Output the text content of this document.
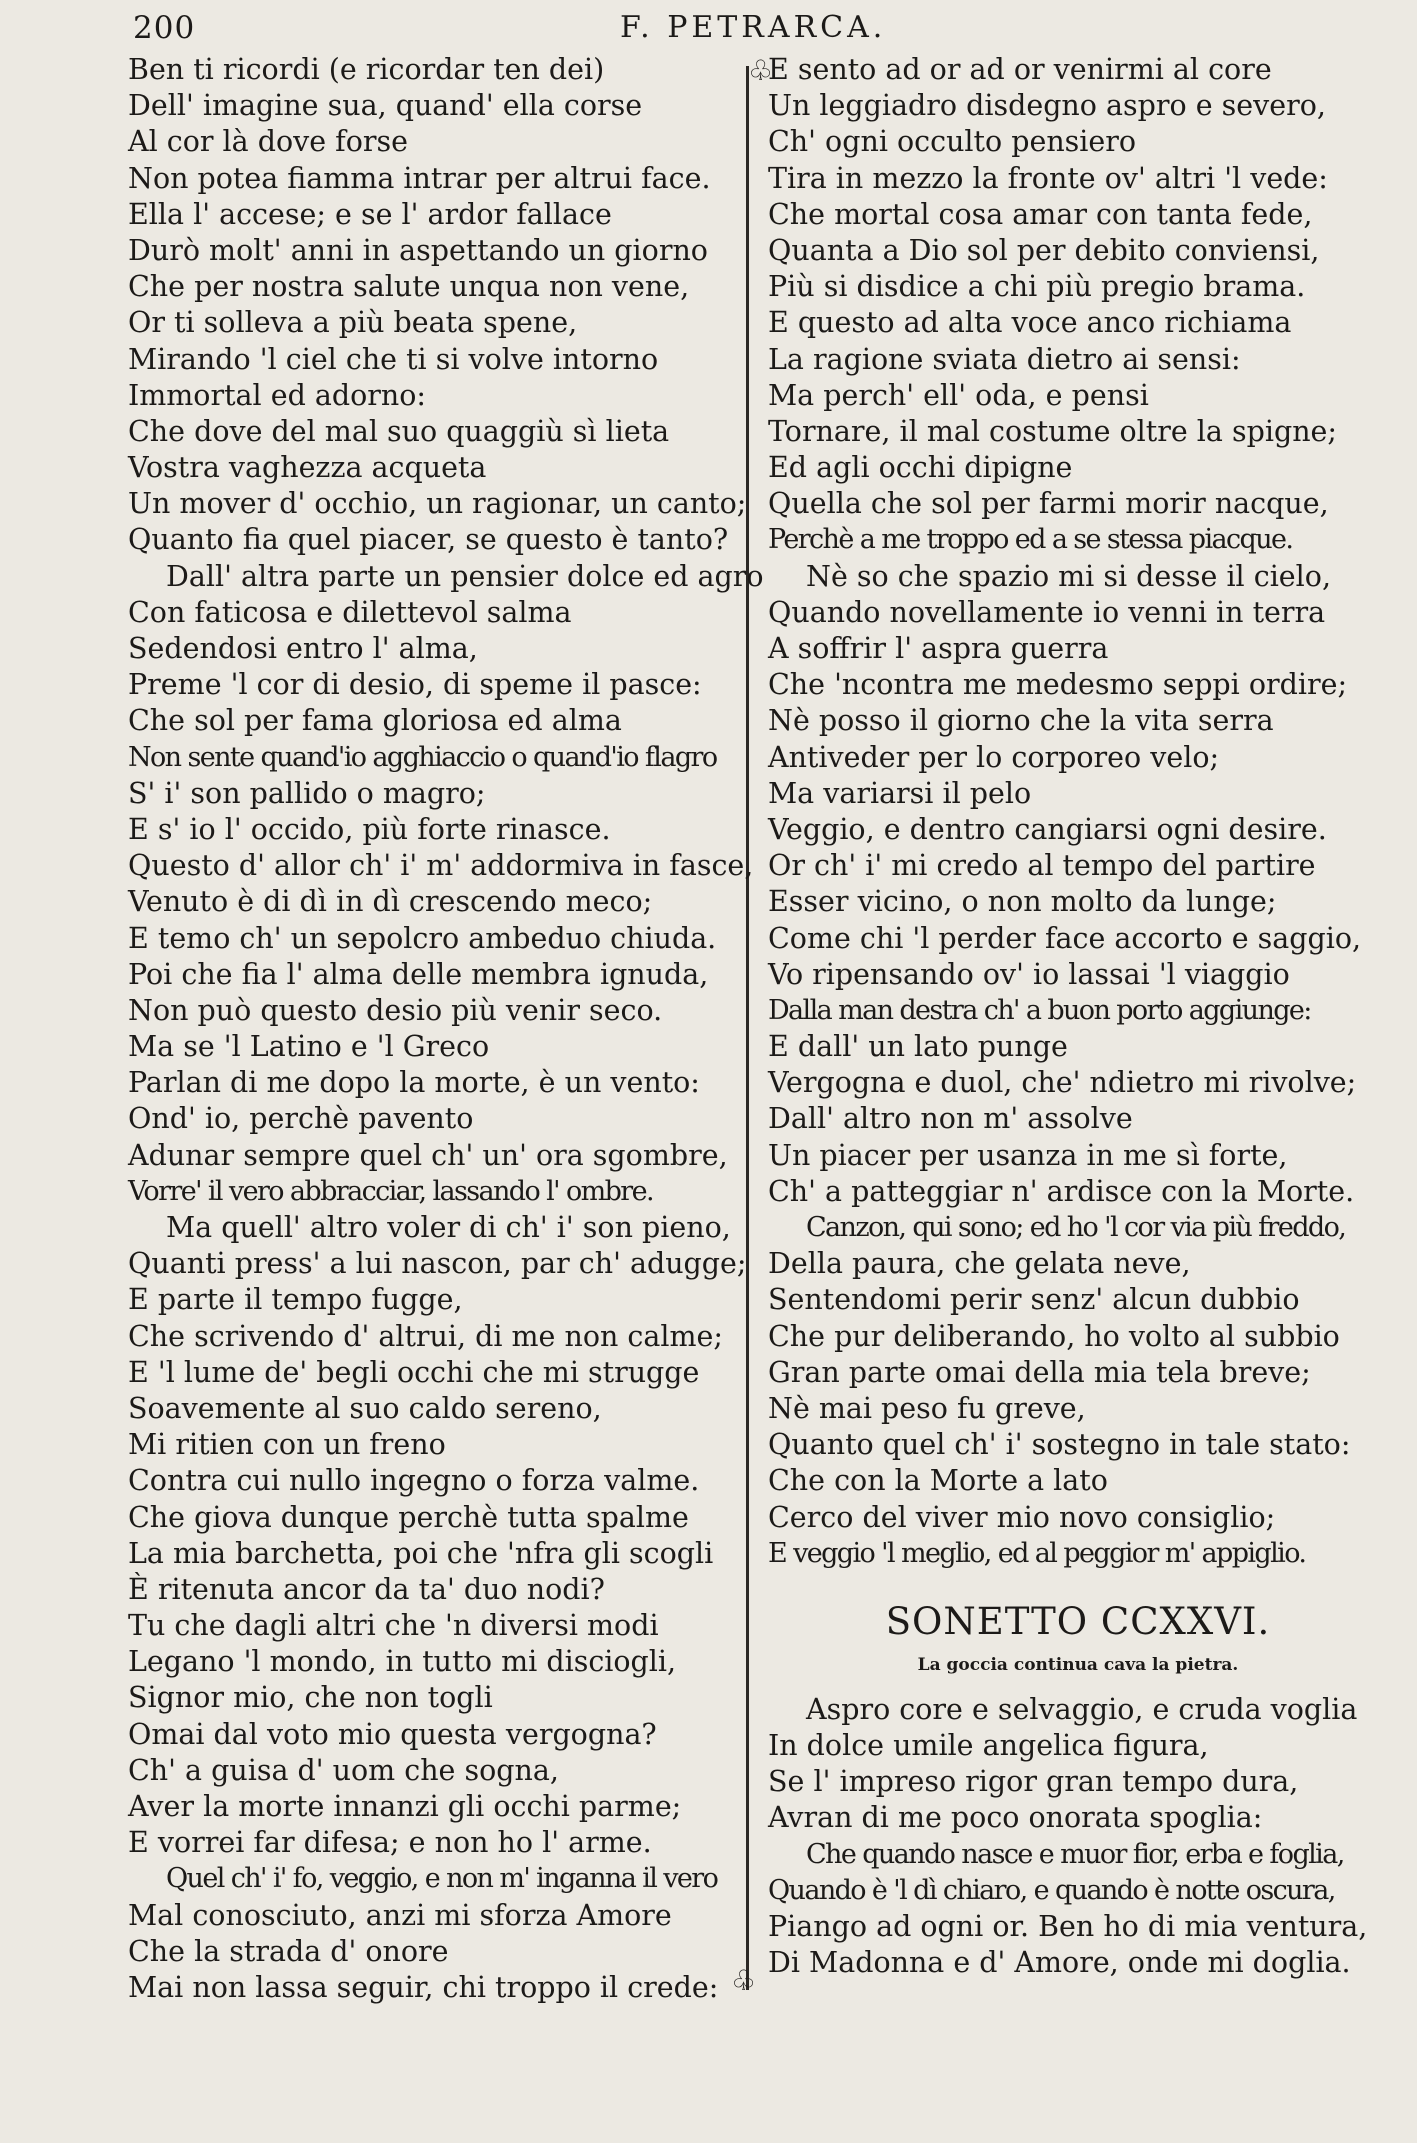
200	F. PETRARCA.
♧
♧
Ben ti ricordi (e ricordar ten dei)
Dell' imagine sua, quand' ella corse
Al cor là dove forse
Non potea fiamma intrar per altrui face.
Ella l' accese; e se l' ardor fallace
Durò molt' anni in aspettando un giorno
Che per nostra salute unqua non vene,
Or ti solleva a più beata spene,
Mirando 'l ciel che ti si volve intorno
Immortal ed adorno:
Che dove del mal suo quaggiù sì lieta
Vostra vaghezza acqueta
Un mover d' occhio, un ragionar, un canto;
Quanto fia quel piacer, se questo è tanto?
Dall' altra parte un pensier dolce ed agro
Con faticosa e dilettevol salma
Sedendosi entro l' alma,
Preme 'l cor di desio, di speme il pasce:
Che sol per fama gloriosa ed alma
Non sente quand'io agghiaccio o quand'io flagro
S' i' son pallido o magro;
E s' io l' occido, più forte rinasce.
Questo d' allor ch' i' m' addormiva in fasce,
Venuto è di dì in dì crescendo meco;
E temo ch' un sepolcro ambeduo chiuda.
Poi che fia l' alma delle membra ignuda,
Non può questo desio più venir seco.
Ma se 'l Latino e 'l Greco
Parlan di me dopo la morte, è un vento:
Ond' io, perchè pavento
Adunar sempre quel ch' un' ora sgombre,
Vorre' il vero abbracciar, lassando l' ombre.
Ma quell' altro voler di ch' i' son pieno,
Quanti press' a lui nascon, par ch' adugge;
E parte il tempo fugge,
Che scrivendo d' altrui, di me non calme;
E 'l lume de' begli occhi che mi strugge
Soavemente al suo caldo sereno,
Mi ritien con un freno
Contra cui nullo ingegno o forza valme.
Che giova dunque perchè tutta spalme
La mia barchetta, poi che 'nfra gli scogli
È ritenuta ancor da ta' duo nodi?
Tu che dagli altri che 'n diversi modi
Legano 'l mondo, in tutto mi disciogli,
Signor mio, che non togli
Omai dal voto mio questa vergogna?
Ch' a guisa d' uom che sogna,
Aver la morte innanzi gli occhi parme;
E vorrei far difesa; e non ho l' arme.
Quel ch' i' fo, veggio, e non m' inganna il vero
Mal conosciuto, anzi mi sforza Amore
Che la strada d' onore
Mai non lassa seguir, chi troppo il crede:
E sento ad or ad or venirmi al core
Un leggiadro disdegno aspro e severo,
Ch' ogni occulto pensiero
Tira in mezzo la fronte ov' altri 'l vede:
Che mortal cosa amar con tanta fede,
Quanta a Dio sol per debito conviensi,
Più si disdice a chi più pregio brama.
E questo ad alta voce anco richiama
La ragione sviata dietro ai sensi:
Ma perch' ell' oda, e pensi
Tornare, il mal costume oltre la spigne;
Ed agli occhi dipigne
Quella che sol per farmi morir nacque,
Perchè a me troppo ed a se stessa piacque.
Nè so che spazio mi si desse il cielo,
Quando novellamente io venni in terra
A soffrir l' aspra guerra
Che 'ncontra me medesmo seppi ordire;
Nè posso il giorno che la vita serra
Antiveder per lo corporeo velo;
Ma variarsi il pelo
Veggio, e dentro cangiarsi ogni desire.
Or ch' i' mi credo al tempo del partire
Esser vicino, o non molto da lunge;
Come chi 'l perder face accorto e saggio,
Vo ripensando ov' io lassai 'l viaggio
Dalla man destra ch' a buon porto aggiunge:
E dall' un lato punge
Vergogna e duol, che' ndietro mi rivolve;
Dall' altro non m' assolve
Un piacer per usanza in me sì forte,
Ch' a patteggiar n' ardisce con la Morte.
Canzon, qui sono; ed ho 'l cor via più freddo,
Della paura, che gelata neve,
Sentendomi perir senz' alcun dubbio
Che pur deliberando, ho volto al subbio
Gran parte omai della mia tela breve;
Nè mai peso fu greve,
Quanto quel ch' i' sostegno in tale stato:
Che con la Morte a lato
Cerco del viver mio novo consiglio;
E veggio 'l meglio, ed al peggior m' appiglio.
SONETTO CCXXVI.
La goccia continua cava la pietra.
Aspro core e selvaggio, e cruda voglia
In dolce umile angelica figura,
Se l' impreso rigor gran tempo dura,
Avran di me poco onorata spoglia:
Che quando nasce e muor fior, erba e foglia,
Quando è 'l dì chiaro, e quando è notte oscura,
Piango ad ogni or. Ben ho di mia ventura,
Di Madonna e d' Amore, onde mi doglia.
